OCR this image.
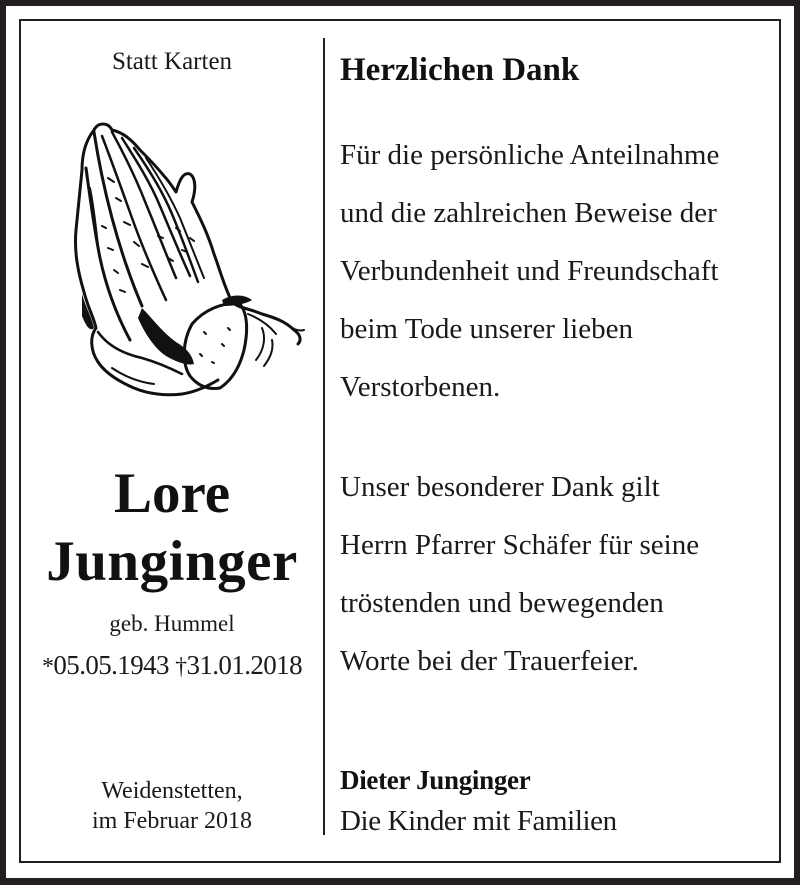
Statt Karten
Lore
Junginger
geb. Hummel
*05.05.1943 †31.01.2018
Weidenstetten,
im Februar 2018
Herzlichen Dank
Für die persönliche Anteilnahme
und die zahlreichen Beweise der
Verbundenheit und Freundschaft
beim Tode unserer lieben
Verstorbenen.
Unser besonderer Dank gilt
Herrn Pfarrer Schäfer für seine
tröstenden und bewegenden
Worte bei der Trauerfeier.
Dieter Junginger
Die Kinder mit Familien
